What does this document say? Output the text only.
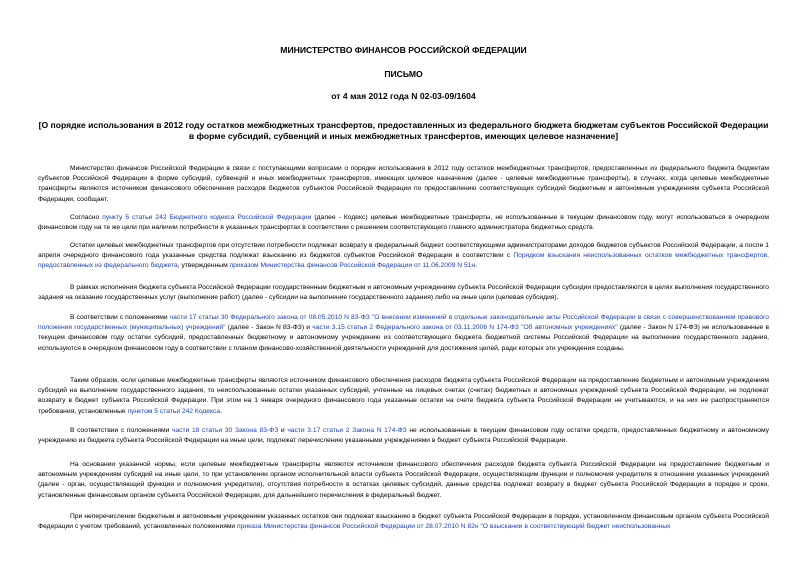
МИНИСТЕРСТВО ФИНАНСОВ РОССИЙСКОЙ ФЕДЕРАЦИИ
ПИСЬМО
от 4 мая 2012 года N 02-03-09/1604
[О порядке использования в 2012 году остатков межбюджетных трансфертов, предоставленных из федерального бюджета бюджетам субъектов Российской Федерации в форме субсидий, субвенций и иных межбюджетных трансфертов, имеющих целевое назначение]

Министерство финансов Российской Федерации в связи с поступающими вопросами о порядке использования в 2012 году остатков межбюджетных трансфертов, предоставленных из федерального бюджета бюджетам субъектов Российской Федерации в форме субсидий, субвенций и иных межбюджетных трансфертов, имеющих целевое назначение (далее - целевые межбюджетные трансферты), в случаях, когда целевые межбюджетные трансферты являются источником финансового обеспечения расходов бюджетов субъектов Российской Федерации по предоставлению соответствующих субсидий бюджетным и автономным учреждениям субъекта Российской Федерации, сообщает.

Согласно пункту 5 статьи 242 Бюджетного кодекса Российской Федерации (далее - Кодекс) целевые межбюджетные трансферты, не использованные в текущем финансовом году, могут использоваться в очередном финансовом году на те же цели при наличии потребности в указанных трансфертах в соответствии с решением соответствующего главного администратора бюджетных средств.

Остатки целевых межбюджетных трансфертов при отсутствии потребности подлежат возврату в федеральный бюджет соответствующими администраторами доходов бюджетов субъектов Российской Федерации, а после 1 апреля очередного финансового года указанные средства подлежат взысканию из бюджетов субъектов Российской Федерации в соответствии с Порядком взыскания неиспользованных остатков межбюджетных трансфертов, предоставленных из федерального бюджета, утвержденным приказом Министерства финансов Российской Федерации от 11.06.2009 N 51н.

В рамках исполнения бюджета субъекта Российской Федерации государственным бюджетным и автономным учреждениям субъекта Российской Федерации субсидии предоставляются в целях выполнения государственного задания на оказание государственных услуг (выполнение работ) (далее - субсидии на выполнение государственного задания) либо на иные цели (целевая субсидия).

В соответствии с положениями части 17 статьи 30 Федерального закона от 08.05.2010 N 83-ФЗ "О внесении изменений в отдельные законодательные акты Российской Федерации в связи с совершенствованием правового положения государственных (муниципальных) учреждений" (далее - Закон N 83-ФЗ) и части 3.15 статьи 2 Федерального закона от 03.11.2006 N 174-ФЗ "Об автономных учреждениях" (далее - Закон N 174-ФЗ) не использованные в текущем финансовом году остатки субсидий, предоставленных бюджетному и автономному учреждению из соответствующего бюджета бюджетной системы Российской Федерации на выполнение государственного задания, используются в очередном финансовом году в соответствии с планом финансово-хозяйственной деятельности учреждений для достижения целей, ради которых эти учреждения созданы.

Таким образом, если целевые межбюджетные трансферты являются источником финансового обеспечения расходов бюджета субъекта Российской Федерации на предоставление бюджетным и автономным учреждениям субсидий на выполнение государственного задания, то неиспользованные остатки указанных субсидий, учтенные на лицевых счетах (счетах) бюджетных и автономных учреждений субъекта Российской Федерации, не подлежат возврату в бюджет субъекта Российской Федерации. При этом на 1 января очередного финансового года указанные остатки на счете бюджета субъекта Российской Федерации не учитываются, и на них не распространяются требования, установленные пунктом 5 статьи 242 Кодекса.

В соответствии с положениями части 18 статьи 30 Закона 83-ФЗ и части 3.17 статьи 2 Закона N 174-ФЗ не использованные в текущем финансовом году остатки средств, предоставленных бюджетному и автономному учреждению из бюджета субъекта Российской Федерации на иные цели, подлежат перечислению указанными учреждениями в бюджет субъекта Российской Федерации.

На основании указанной нормы, если целевые межбюджетные трансферты являются источником финансового обеспечения расходов бюджета субъекта Российской Федерации на предоставление бюджетным и автономным учреждениям субсидий на иные цели, то при установлении органом исполнительной власти субъекта Российской Федерации, осуществляющим функции и полномочия учредителя в отношении указанных учреждений (далее - орган, осуществляющий функции и полномочия учредителя), отсутствия потребности в остатках целевых субсидий, данные средства подлежат возврату в бюджет субъекта Российской Федерации в порядке и сроки, установленные финансовым органом субъекта Российской Федерации, для дальнейшего перечисления в федеральный бюджет.

При неперечислении бюджетным и автономным учреждением указанных остатков они подлежат взысканию в бюджет субъекта Российской Федерации в порядке, установленном финансовым органом субъекта Российской Федерации с учетом требований, установленных положениями приказа Министерства финансов Российской Федерации от 28.07.2010 N 82н "О взыскании в соответствующий бюджет неиспользованных
